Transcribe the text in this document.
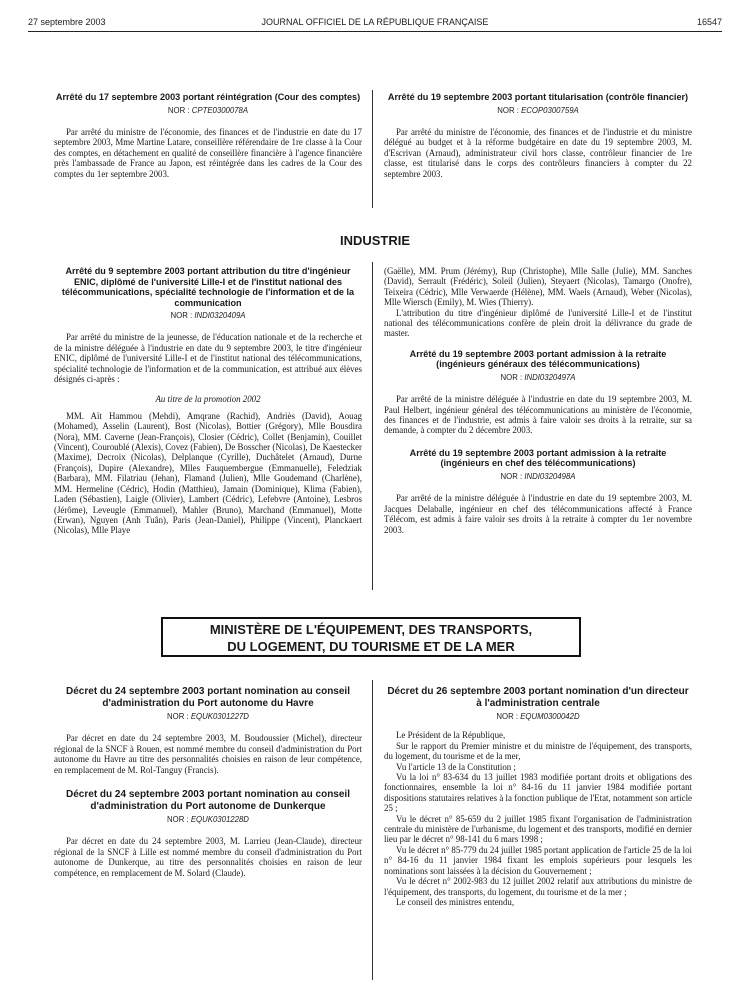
27 septembre 2003	JOURNAL OFFICIEL DE LA RÉPUBLIQUE FRANÇAISE	16547
Arrêté du 17 septembre 2003 portant réintégration (Cour des comptes)
NOR : CPTE0300078A

Par arrêté du ministre de l'économie, des finances et de l'industrie en date du 17 septembre 2003, Mme Martine Latare, conseillère référendaire de 1re classe à la Cour des comptes, en détachement en qualité de conseillère financière à l'agence financière près l'ambassade de France au Japon, est réintégrée dans les cadres de la Cour des comptes du 1er septembre 2003.

Arrêté du 19 septembre 2003 portant titularisation (contrôle financier)
NOR : ECOP0300759A

Par arrêté du ministre de l'économie, des finances et de l'industrie et du ministre délégué au budget et à la réforme budgétaire en date du 19 septembre 2003, M. d'Escrivan (Arnaud), administrateur civil hors classe, contrôleur financier de 1re classe, est titularisé dans le corps des contrôleurs financiers à compter du 22 septembre 2003.

INDUSTRIE
Arrêté du 9 septembre 2003 portant attribution du titre d'ingénieur ENIC, diplômé de l'université Lille-I et de l'institut national des télécommunications, spécialité technologie de l'information et de la communication
NOR : INDI0320409A

Par arrêté du ministre de la jeunesse, de l'éducation nationale et de la recherche et de la ministre déléguée à l'industrie en date du 9 septembre 2003, le titre d'ingénieur ENIC, diplômé de l'université Lille-I et de l'institut national des télécommunications, spécialité technologie de l'information et de la communication, est attribué aux élèves désignés ci-après :

Au titre de la promotion 2002

MM. Aït Hammou (Mehdi), Amqrane (Rachid), Andriès (David), Aouag (Mohamed), Asselin (Laurent), Bost (Nicolas), Bottier (Grégory), Mlle Bousdira (Nora), MM. Caverne (Jean-François), Closier (Cédric), Collet (Benjamin), Couillet (Vincent), Couroublé (Alexis), Covez (Fabien), De Bosscher (Nicolas), De Kaestecker (Maxime), Decroix (Nicolas), Delplanque (Cyrille), Duchâtelet (Arnaud), Durne (François), Dupire (Alexandre), Mlles Fauquembergue (Emmanuelle), Feledziak (Barbara), MM. Filatriau (Jehan), Flamand (Julien), Mlle Goudemand (Charlène), MM. Hermeline (Cédric), Hodin (Matthieu), Jamain (Dominique), Klima (Fabien), Laden (Sébastien), Laigle (Olivier), Lambert (Cédric), Lefebvre (Antoine), Lesbros (Jérôme), Leveugle (Emmanuel), Mahler (Bruno), Marchand (Emmanuel), Motte (Erwan), Nguyen (Anh Tuân), Paris (Jean-Daniel), Philippe (Vincent), Planckaert (Nicolas), Mlle Playe

(Gaëlle), MM. Prum (Jérémy), Rup (Christophe), Mlle Salle (Julie), MM. Sanches (David), Serrault (Frédéric), Soleil (Julien), Steyaert (Nicolas), Tamargo (Onofre), Teixeira (Cédric), Mlle Verwaerde (Hélène), MM. Waels (Arnaud), Weber (Nicolas), Mlle Wiersch (Emily), M. Wies (Thierry).

L'attribution du titre d'ingénieur diplômé de l'université Lille-I et de l'institut national des télécommunications confère de plein droit la délivrance du grade de master.

Arrêté du 19 septembre 2003 portant admission à la retraite (ingénieurs généraux des télécommunications)
NOR : INDI0320497A

Par arrêté de la ministre déléguée à l'industrie en date du 19 septembre 2003, M. Paul Helbert, ingénieur général des télécommunications au ministère de l'économie, des finances et de l'industrie, est admis à faire valoir ses droits à la retraite, sur sa demande, à compter du 2 décembre 2003.

Arrêté du 19 septembre 2003 portant admission à la retraite (ingénieurs en chef des télécommunications)
NOR : INDI0320498A

Par arrêté de la ministre déléguée à l'industrie en date du 19 septembre 2003, M. Jacques Delaballe, ingénieur en chef des télécommunications affecté à France Télécom, est admis à faire valoir ses droits à la retraite à compter du 1er novembre 2003.

MINISTÈRE DE L'ÉQUIPEMENT, DES TRANSPORTS,
DU LOGEMENT, DU TOURISME ET DE LA MER
Décret du 24 septembre 2003 portant nomination au conseil d'administration du Port autonome du Havre
NOR : EQUK0301227D

Par décret en date du 24 septembre 2003, M. Boudoussier (Michel), directeur régional de la SNCF à Rouen, est nommé membre du conseil d'administration du Port autonome du Havre au titre des personnalités choisies en raison de leur compétence, en remplacement de M. Rol-Tanguy (Francis).

Décret du 24 septembre 2003 portant nomination au conseil d'administration du Port autonome de Dunkerque
NOR : EQUK0301228D

Par décret en date du 24 septembre 2003, M. Larrieu (Jean-Claude), directeur régional de la SNCF à Lille est nommé membre du conseil d'administration du Port autonome de Dunkerque, au titre des personnalités choisies en raison de leur compétence, en remplacement de M. Solard (Claude).

Décret du 26 septembre 2003 portant nomination d'un directeur à l'administration centrale
NOR : EQUM0300042D

Le Président de la République,

Sur le rapport du Premier ministre et du ministre de l'équipement, des transports, du logement, du tourisme et de la mer,

Vu l'article 13 de la Constitution ;

Vu la loi n° 83-634 du 13 juillet 1983 modifiée portant droits et obligations des fonctionnaires, ensemble la loi n° 84-16 du 11 janvier 1984 modifiée portant dispositions statutaires relatives à la fonction publique de l'Etat, notamment son article 25 ;

Vu le décret n° 85-659 du 2 juillet 1985 fixant l'organisation de l'administration centrale du ministère de l'urbanisme, du logement et des transports, modifié en dernier lieu par le décret n° 98-141 du 6 mars 1998 ;

Vu le décret n° 85-779 du 24 juillet 1985 portant application de l'article 25 de la loi n° 84-16 du 11 janvier 1984 fixant les emplois supérieurs pour lesquels les nominations sont laissées à la décision du Gouvernement ;

Vu le décret n° 2002-983 du 12 juillet 2002 relatif aux attributions du ministre de l'équipement, des transports, du logement, du tourisme et de la mer ;

Le conseil des ministres entendu,
